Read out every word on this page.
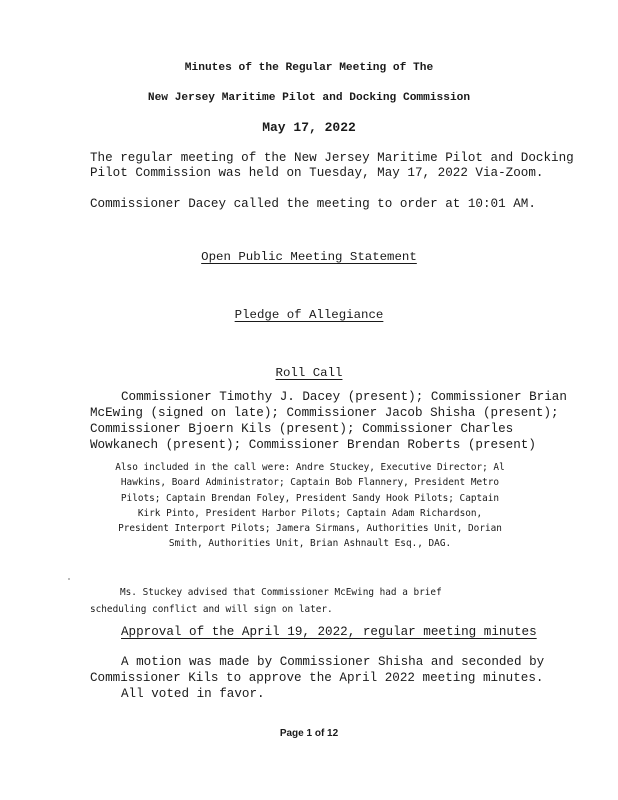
Minutes of the Regular Meeting of The
New Jersey Maritime Pilot and Docking Commission
May 17, 2022
The regular meeting of the New Jersey Maritime Pilot and Docking
Pilot Commission was held on Tuesday, May 17, 2022 Via-Zoom.
Commissioner Dacey called the meeting to order at 10:01 AM.
Open Public Meeting Statement
Pledge of Allegiance
Roll Call
Commissioner Timothy J. Dacey (present); Commissioner Brian
McEwing (signed on late); Commissioner Jacob Shisha (present);
Commissioner Bjoern Kils (present); Commissioner Charles
Wowkanech (present); Commissioner Brendan Roberts (present)
Also included in the call were: Andre Stuckey, Executive Director; Al
Hawkins, Board Administrator; Captain Bob Flannery, President Metro
Pilots; Captain Brendan Foley, President Sandy Hook Pilots; Captain
Kirk Pinto, President Harbor Pilots; Captain Adam Richardson,
President Interport Pilots; Jamera Sirmans, Authorities Unit, Dorian
Smith, Authorities Unit, Brian Ashnault Esq., DAG.
Ms. Stuckey advised that Commissioner McEwing had a brief
scheduling conflict and will sign on later.
Approval of the April 19, 2022, regular meeting minutes
A motion was made by Commissioner Shisha and seconded by
Commissioner Kils to approve the April 2022 meeting minutes.
All voted in favor.
Page 1 of 12
